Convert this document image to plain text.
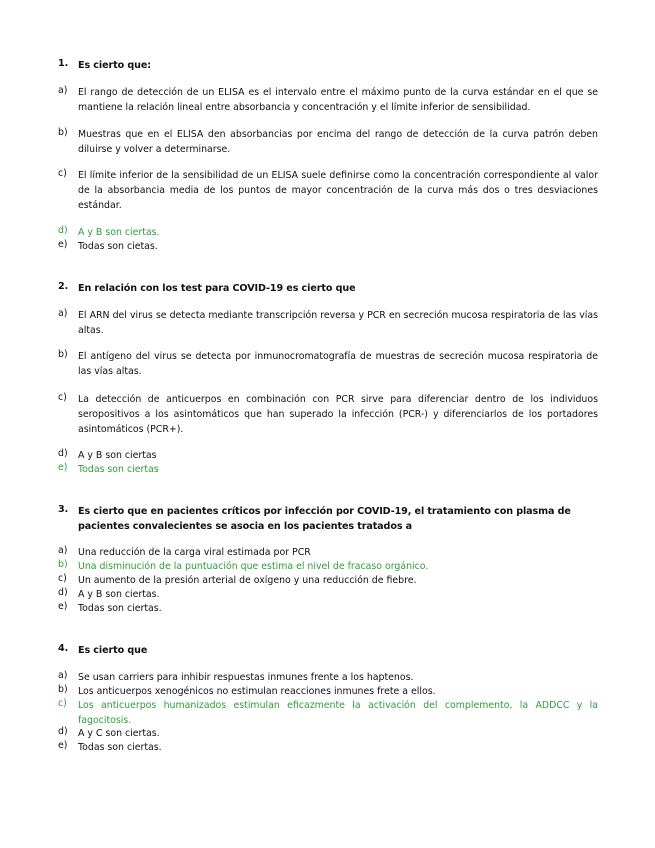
1. Es cierto que:
a) El rango de detección de un ELISA es el intervalo entre el máximo punto de la curva estándar en el que se mantiene la relación lineal entre absorbancia y concentración y el límite inferior de sensibilidad.
b) Muestras que en el ELISA den absorbancias por encima del rango de detección de la curva patrón deben diluirse y volver a determinarse.
c) El límite inferior de la sensibilidad de un ELISA suele definirse como la concentración correspondiente al valor de la absorbancia media de los puntos de mayor concentración de la curva más dos o tres desviaciones estándar.
d) A y B son ciertas.
e) Todas son cietas.
2. En relación con los test para COVID-19 es cierto que
a) El ARN del virus se detecta mediante transcripción reversa y PCR en secreción mucosa respiratoria de las vías altas.
b) El antígeno del virus se detecta por inmunocromatografía de muestras de secreción mucosa respiratoria de las vías altas.
c) La detección de anticuerpos en combinación con PCR sirve para diferenciar dentro de los individuos seropositivos a los asintomáticos que han superado la infección (PCR-) y diferenciarlos de los portadores asintomáticos (PCR+).
d) A y B son ciertas
e) Todas son ciertas
3. Es cierto que en pacientes críticos por infección por COVID-19, el tratamiento con plasma de pacientes convalecientes se asocia en los pacientes tratados a
a) Una reducción de la carga viral estimada por PCR
b) Una disminución de la puntuación que estima el nivel de fracaso orgánico.
c) Un aumento de la presión arterial de oxígeno y una reducción de fiebre.
d) A y B son ciertas.
e) Todas son ciertas.
4. Es cierto que
a) Se usan carriers para inhibir respuestas inmunes frente a los haptenos.
b) Los anticuerpos xenogénicos no estimulan reacciones inmunes frete a ellos.
c) Los anticuerpos humanizados estimulan eficazmente la activación del complemento, la ADDCC y la fagocitosis.
d) A y C son ciertas.
e) Todas son ciertas.
